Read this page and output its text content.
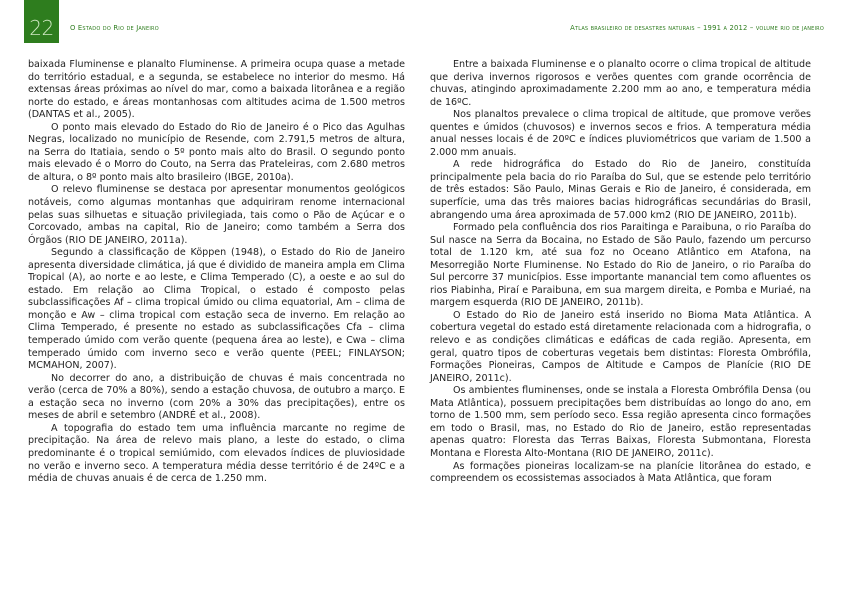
22	O Estado do Rio de Janeiro	Atlas brasileiro de desastres naturais – 1991 a 2012 – volume rio de janeiro

baixada Fluminense e planalto Fluminense. A primeira ocupa quase a metade do território estadual, e a segunda, se estabelece no interior do mesmo. Há extensas áreas próximas ao nível do mar, como a baixada litorânea e a região norte do estado, e áreas montanhosas com altitudes acima de 1.500 metros (DANTAS et al., 2005).

O ponto mais elevado do Estado do Rio de Janeiro é o Pico das Agulhas Negras, localizado no município de Resende, com 2.791,5 metros de altura, na Serra do Itatiaia, sendo o 5º ponto mais alto do Brasil. O segundo ponto mais elevado é o Morro do Couto, na Serra das Prateleiras, com 2.680 metros de altura, o 8º ponto mais alto brasileiro (IBGE, 2010a).

O relevo fluminense se destaca por apresentar monumentos geológicos notáveis, como algumas montanhas que adquiriram renome internacional pelas suas silhuetas e situação privilegiada, tais como o Pão de Açúcar e o Corcovado, ambas na capital, Rio de Janeiro; como também a Serra dos Órgãos (RIO DE JANEIRO, 2011a).

Segundo a classificação de Köppen (1948), o Estado do Rio de Janeiro apresenta diversidade climática, já que é dividido de maneira ampla em Clima Tropical (A), ao norte e ao leste, e Clima Temperado (C), a oeste e ao sul do estado. Em relação ao Clima Tropical, o estado é composto pelas subclassificações Af – clima tropical úmido ou clima equatorial, Am – clima de monção e Aw – clima tropical com estação seca de inverno. Em relação ao Clima Temperado, é presente no estado as subclassificações Cfa – clima temperado úmido com verão quente (pequena área ao leste), e Cwa – clima temperado úmido com inverno seco e verão quente (PEEL; FINLAYSON; MCMAHON, 2007).

No decorrer do ano, a distribuição de chuvas é mais concentrada no verão (cerca de 70% a 80%), sendo a estação chuvosa, de outubro a março. E a estação seca no inverno (com 20% a 30% das precipitações), entre os meses de abril e setembro (ANDRÉ et al., 2008).

A topografia do estado tem uma influência marcante no regime de precipitação. Na área de relevo mais plano, a leste do estado, o clima predominante é o tropical semiúmido, com elevados índices de pluviosidade no verão e inverno seco. A temperatura média desse território é de 24ºC e a média de chuvas anuais é de cerca de 1.250 mm.

Entre a baixada Fluminense e o planalto ocorre o clima tropical de altitude que deriva invernos rigorosos e verões quentes com grande ocorrência de chuvas, atingindo aproximadamente 2.200 mm ao ano, e temperatura média de 16ºC.

Nos planaltos prevalece o clima tropical de altitude, que promove verões quentes e úmidos (chuvosos) e invernos secos e frios. A temperatura média anual nesses locais é de 20ºC e índices pluviométricos que variam de 1.500 a 2.000 mm anuais.

A rede hidrográfica do Estado do Rio de Janeiro, constituída principalmente pela bacia do rio Paraíba do Sul, que se estende pelo território de três estados: São Paulo, Minas Gerais e Rio de Janeiro, é considerada, em superfície, uma das três maiores bacias hidrográficas secundárias do Brasil, abrangendo uma área aproximada de 57.000 km2 (RIO DE JANEIRO, 2011b).

Formado pela confluência dos rios Paraitinga e Paraibuna, o rio Paraíba do Sul nasce na Serra da Bocaina, no Estado de São Paulo, fazendo um percurso total de 1.120 km, até sua foz no Oceano Atlântico em Atafona, na Mesorregião Norte Fluminense. No Estado do Rio de Janeiro, o rio Paraíba do Sul percorre 37 municípios. Esse importante manancial tem como afluentes os rios Piabinha, Piraí e Paraibuna, em sua margem direita, e Pomba e Muriaé, na margem esquerda (RIO DE JANEIRO, 2011b).

O Estado do Rio de Janeiro está inserido no Bioma Mata Atlântica. A cobertura vegetal do estado está diretamente relacionada com a hidrografia, o relevo e as condições climáticas e edáficas de cada região. Apresenta, em geral, quatro tipos de coberturas vegetais bem distintas: Floresta Ombrófila, Formações Pioneiras, Campos de Altitude e Campos de Planície (RIO DE JANEIRO, 2011c).

Os ambientes fluminenses, onde se instala a Floresta Ombrófila Densa (ou Mata Atlântica), possuem precipitações bem distribuídas ao longo do ano, em torno de 1.500 mm, sem período seco. Essa região apresenta cinco formações em todo o Brasil, mas, no Estado do Rio de Janeiro, estão representadas apenas quatro: Floresta das Terras Baixas, Floresta Submontana, Floresta Montana e Floresta Alto-Montana (RIO DE JANEIRO, 2011c).

As formações pioneiras localizam-se na planície litorânea do estado, e compreendem os ecossistemas associados à Mata Atlântica, que foram
